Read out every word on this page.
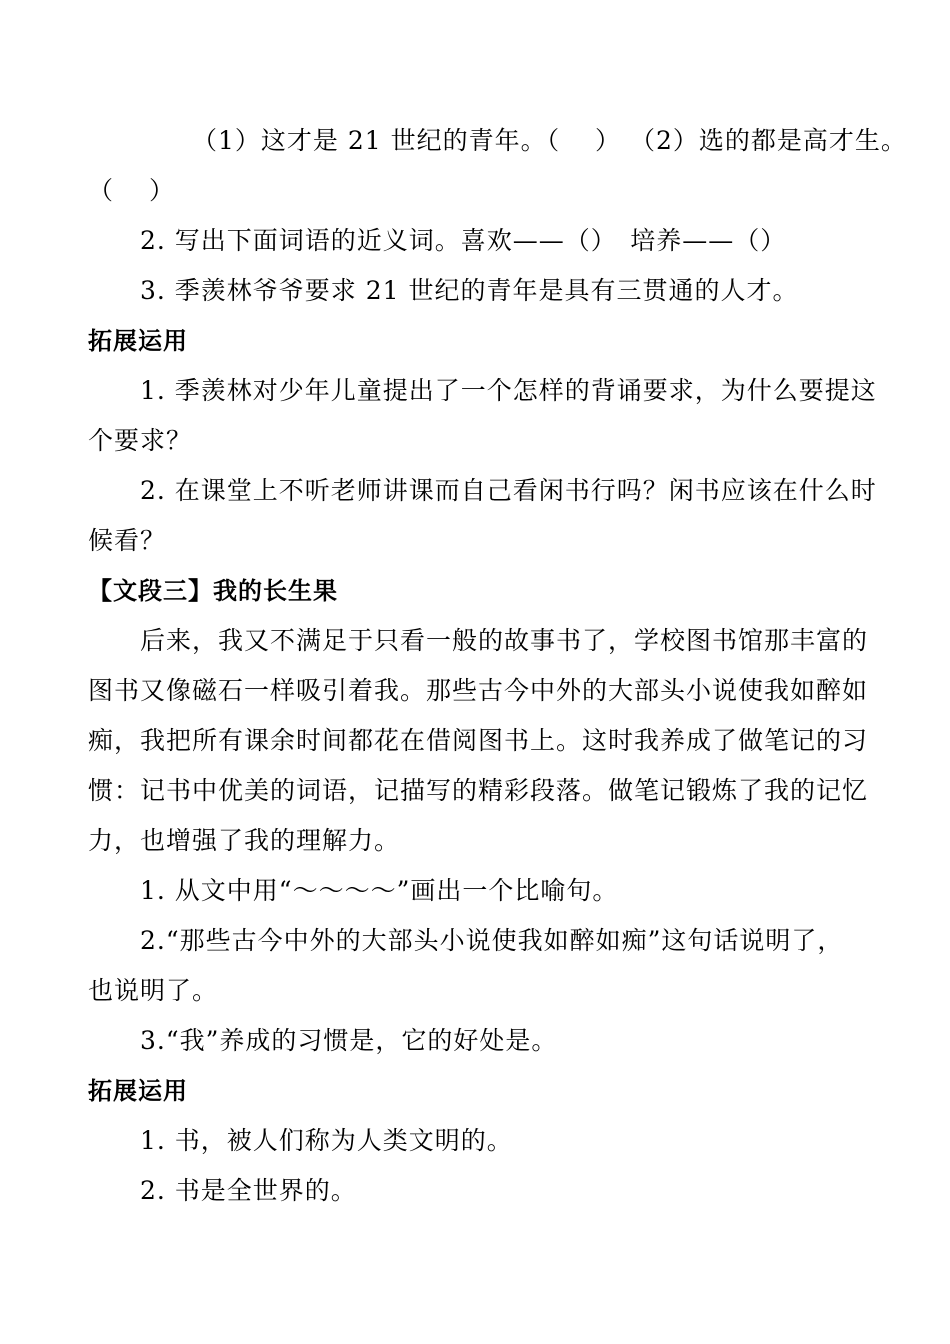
（1）这才是 21 世纪的青年。（　 ） （2）选的都是高才生。
（　 ）
2. 写出下面词语的近义词。喜欢——（）　培养——（）
3. 季羡林爷爷要求 21 世纪的青年是具有三贯通的人才。
拓展运用
1. 季羡林对少年儿童提出了一个怎样的背诵要求，为什么要提这
个要求？
2. 在课堂上不听老师讲课而自己看闲书行吗？闲书应该在什么时
候看？
【文段三】我的长生果
后来，我又不满足于只看一般的故事书了，学校图书馆那丰富的
图书又像磁石一样吸引着我。那些古今中外的大部头小说使我如醉如
痴，我把所有课余时间都花在借阅图书上。这时我养成了做笔记的习
惯：记书中优美的词语，记描写的精彩段落。做笔记锻炼了我的记忆
力，也增强了我的理解力。
1. 从文中用“～～～～”画出一个比喻句。
2.“那些古今中外的大部头小说使我如醉如痴”这句话说明了，
也说明了。
3.“我”养成的习惯是，它的好处是。
拓展运用
1. 书，被人们称为人类文明的。
2. 书是全世界的。
